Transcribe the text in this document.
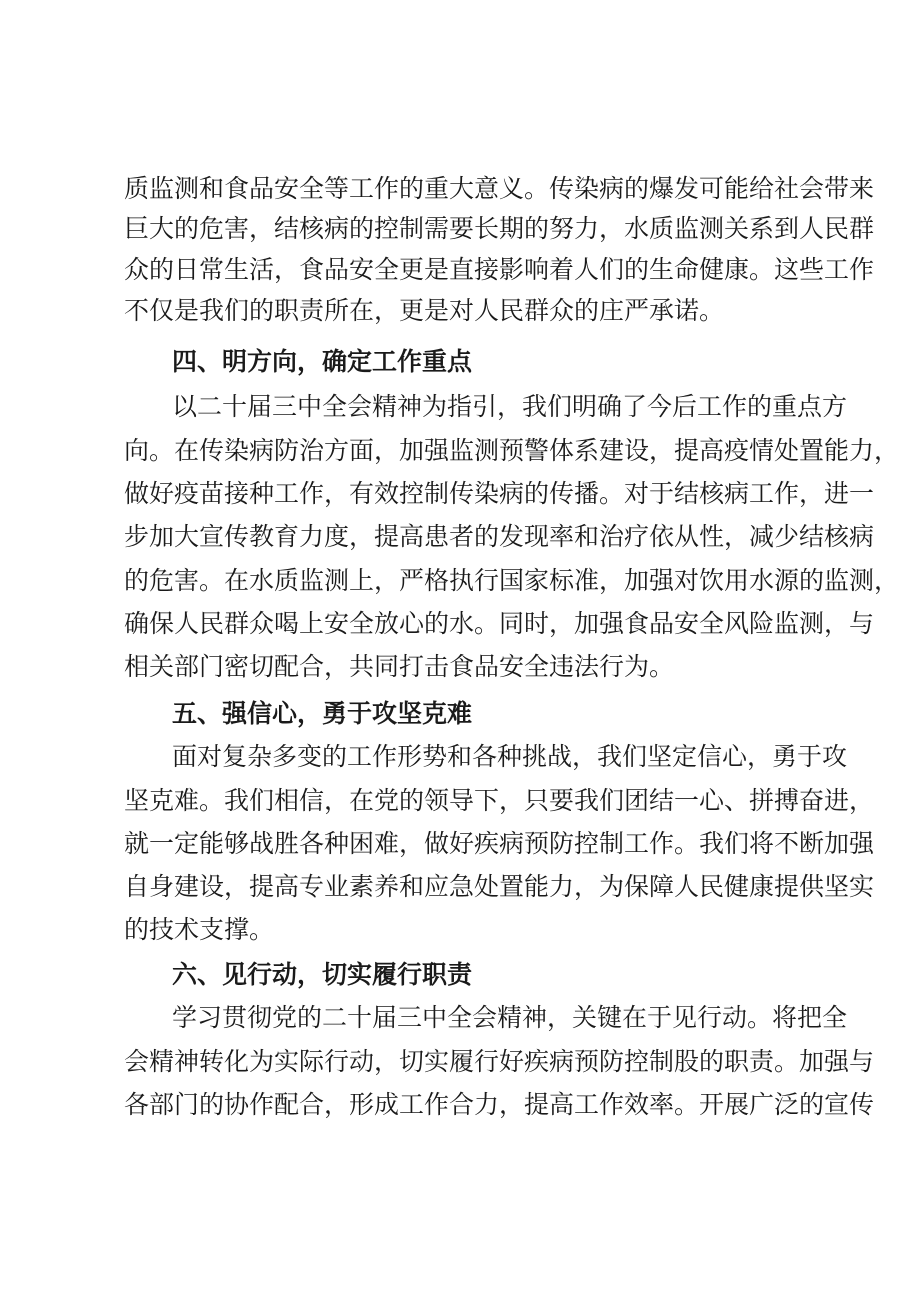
质监测和食品安全等工作的重大意义。传染病的爆发可能给社会带来

巨大的危害，结核病的控制需要长期的努力，水质监测关系到人民群

众的日常生活，食品安全更是直接影响着人们的生命健康。这些工作

不仅是我们的职责所在，更是对人民群众的庄严承诺。

四、明方向，确定工作重点

以二十届三中全会精神为指引，我们明确了今后工作的重点方

向。在传染病防治方面，加强监测预警体系建设，提高疫情处置能力，

做好疫苗接种工作，有效控制传染病的传播。对于结核病工作，进一

步加大宣传教育力度，提高患者的发现率和治疗依从性，减少结核病

的危害。在水质监测上，严格执行国家标准，加强对饮用水源的监测，

确保人民群众喝上安全放心的水。同时，加强食品安全风险监测，与

相关部门密切配合，共同打击食品安全违法行为。

五、强信心，勇于攻坚克难

面对复杂多变的工作形势和各种挑战，我们坚定信心，勇于攻

坚克难。我们相信，在党的领导下，只要我们团结一心、拼搏奋进，

就一定能够战胜各种困难，做好疾病预防控制工作。我们将不断加强

自身建设，提高专业素养和应急处置能力，为保障人民健康提供坚实

的技术支撑。

六、见行动，切实履行职责

学习贯彻党的二十届三中全会精神，关键在于见行动。将把全

会精神转化为实际行动，切实履行好疾病预防控制股的职责。加强与

各部门的协作配合，形成工作合力，提高工作效率。开展广泛的宣传
